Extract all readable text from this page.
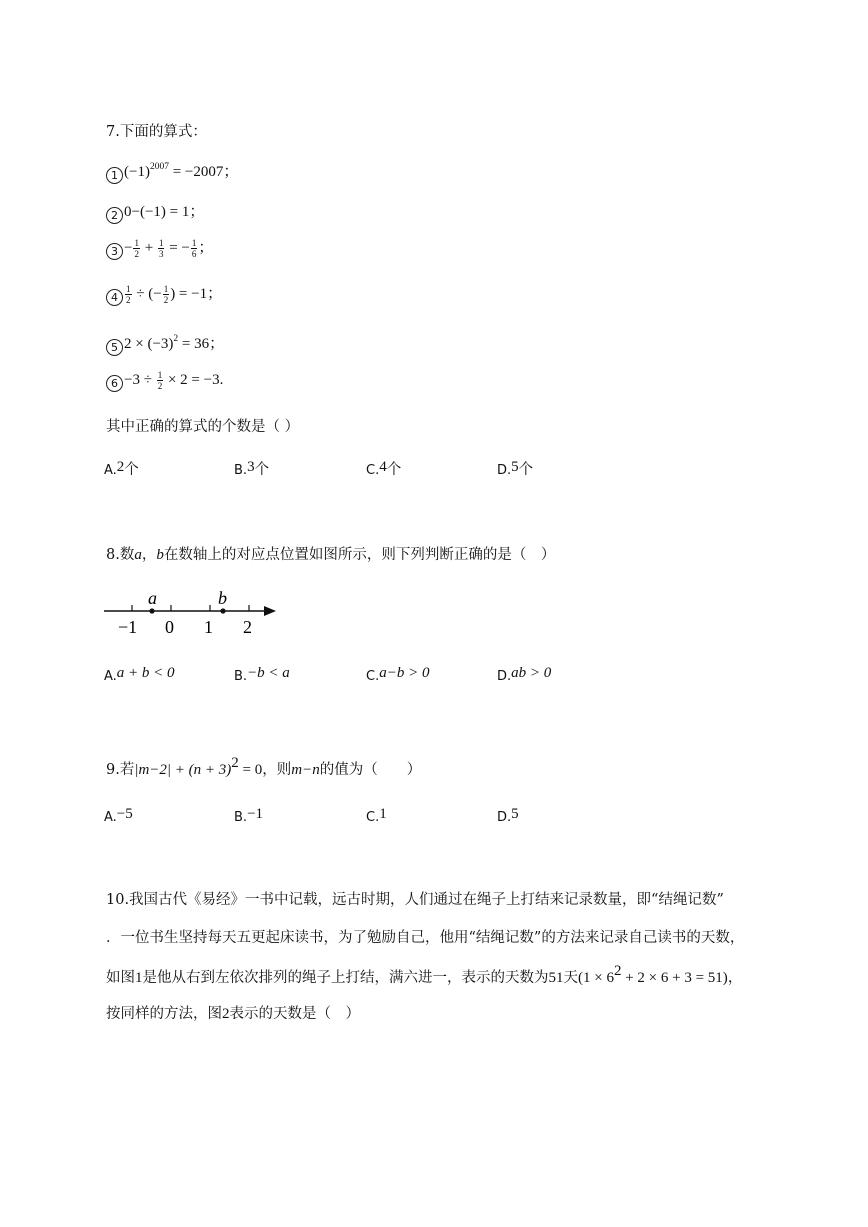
7.下面的算式：
1 $(-1)^{2007} = -2007$；
2 0−(−1) = 1；
$3 - \frac{1}{2} + \frac{1}{3}$ = − $\frac{1}{6}$ ；
$4 \frac{1}{2}$ ÷ (− $\frac{1}{2}$ ) = −1；
5 $2 \times (-3)^2 = 36$；
$6 -3 \div \frac{1}{2} \times 2 = -3$.
其中正确的算式的个数是（ ）
A.2个	B.3个	C.4个	D.5个
8.数a，b在数轴上的对应点位置如图所示，则下列判断正确的是（　）
a	b
−1 0 1 2
A.a + b < 0	B.−b < a	C.a−b > 0	D.ab > 0
9.若$|m-2| + (n + 3)^2 = 0$，则m−n的值为（　　）
A.−5	B.−1	C.1	D.5
10.我国古代《易经》一书中记载，远古时期，人们通过在绳子上打结来记录数量，即“结绳记数”
．一位书生坚持每天五更起床读书，为了勉励自己，他用“结绳记数”的方法来记录自己读书的天数，
如图1是他从右到左依次排列的绳子上打结，满六进一，表示的天数为51天$(1 \times 6^2 + 2 \times 6 + 3 = 51)$，
按同样的方法，图2表示的天数是（　）
